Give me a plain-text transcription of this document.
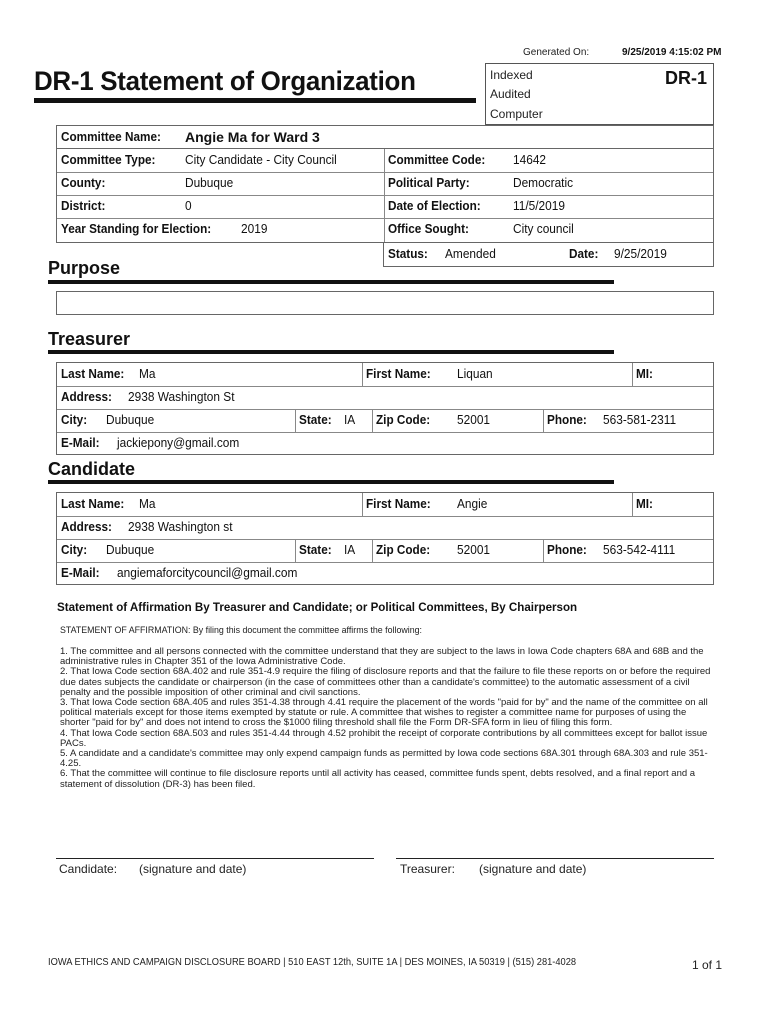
Generated On:	9/25/2019 4:15:02 PM
DR-1 Statement of Organization	Indexed
Audited
Computer
DR-1
Committee Name: Angie Ma for Ward 3
Committee Type: City Candidate - City Council	Committee Code: 14642
County:	Dubuque	Political Party:	Democratic
District:	0	Date of Election:	11/5/2019
Year Standing for Election: 2019	Office Sought:	City council
Status: Amended	Date: 9/25/2019
Purpose
Treasurer
Last Name: Ma	First Name: Liquan	MI:
Address: 2938 Washington St
City: Dubuque	State: IA Zip Code: 52001	Phone: 563-581-2311
E-Mail: jackiepony@gmail.com
Candidate
Last Name: Ma	First Name: Angie	MI:
Address: 2938 Washington st
City: Dubuque	State: IA Zip Code: 52001	Phone: 563-542-4111
E-Mail: angiemaforcitycouncil@gmail.com
Statement of Affirmation By Treasurer and Candidate; or Political Committees, By Chairperson
STATEMENT OF AFFIRMATION: By filing this document the committee affirms the following:

1. The committee and all persons connected with the committee understand that they are subject to the laws in Iowa Code chapters 68A and 68B and the administrative rules in Chapter 351 of the Iowa Administrative Code.

2. That Iowa Code section 68A.402 and rule 351-4.9 require the filing of disclosure reports and that the failure to file these reports on or before the required due dates subjects the candidate or chairperson (in the case of committees other than a candidate's committee) to the automatic assessment of a civil penalty and the possible imposition of other criminal and civil sanctions.

3. That Iowa Code section 68A.405 and rules 351-4.38 through 4.41 require the placement of the words "paid for by" and the name of the committee on all political materials except for those items exempted by statute or rule. A committee that wishes to register a committee name for purposes of using the shorter "paid for by" and does not intend to cross the $1000 filing threshold shall file the Form DR-SFA form in lieu of filing this form.

4. That Iowa Code section 68A.503 and rules 351-4.44 through 4.52 prohibit the receipt of corporate contributions by all committees except for ballot issue PACs.

5. A candidate and a candidate's committee may only expend campaign funds as permitted by Iowa code sections 68A.301 through 68A.303 and rule 351-4.25.

6. That the committee will continue to file disclosure reports until all activity has ceased, committee funds spent, debts resolved, and a final report and a statement of dissolution (DR-3) has been filed.

Candidate: (signature and date)	Treasurer: (signature and date)
IOWA ETHICS AND CAMPAIGN DISCLOSURE BOARD | 510 EAST 12th, SUITE 1A | DES MOINES, IA 50319 | (515) 281-4028	1 of 1
